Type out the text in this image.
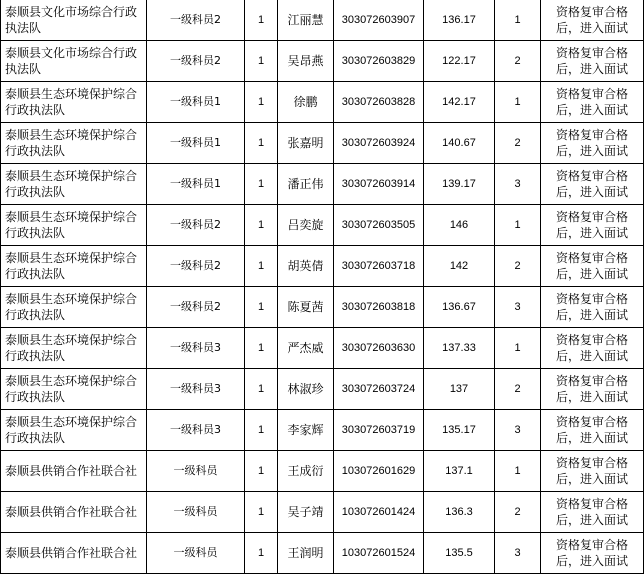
泰顺县文化市场综合行政执法队	一级科员2	1	江丽慧	303072603907	136.17	1	资格复审合格后，进入面试
泰顺县文化市场综合行政执法队	一级科员2	1	吴昂燕	303072603829	122.17	2	资格复审合格后，进入面试
泰顺县生态环境保护综合行政执法队	一级科员1	1	徐鹏	303072603828	142.17	1	资格复审合格后，进入面试
泰顺县生态环境保护综合行政执法队	一级科员1	1	张嘉明	303072603924	140.67	2	资格复审合格后，进入面试
泰顺县生态环境保护综合行政执法队	一级科员1	1	潘正伟	303072603914	139.17	3	资格复审合格后，进入面试
泰顺县生态环境保护综合行政执法队	一级科员2	1	吕奕旋	303072603505	146	1	资格复审合格后，进入面试
泰顺县生态环境保护综合行政执法队	一级科员2	1	胡英倩	303072603718	142	2	资格复审合格后，进入面试
泰顺县生态环境保护综合行政执法队	一级科员2	1	陈夏茜	303072603818	136.67	3	资格复审合格后，进入面试
泰顺县生态环境保护综合行政执法队	一级科员3	1	严杰威	303072603630	137.33	1	资格复审合格后，进入面试
泰顺县生态环境保护综合行政执法队	一级科员3	1	林淑珍	303072603724	137	2	资格复审合格后，进入面试
泰顺县生态环境保护综合行政执法队	一级科员3	1	李家辉	303072603719	135.17	3	资格复审合格后，进入面试
泰顺县供销合作社联合社	一级科员	1	王成衍	103072601629	137.1	1	资格复审合格后，进入面试
泰顺县供销合作社联合社	一级科员	1	吴子靖	103072601424	136.3	2	资格复审合格后，进入面试
泰顺县供销合作社联合社	一级科员	1	王润明	103072601524	135.5	3	资格复审合格后，进入面试
